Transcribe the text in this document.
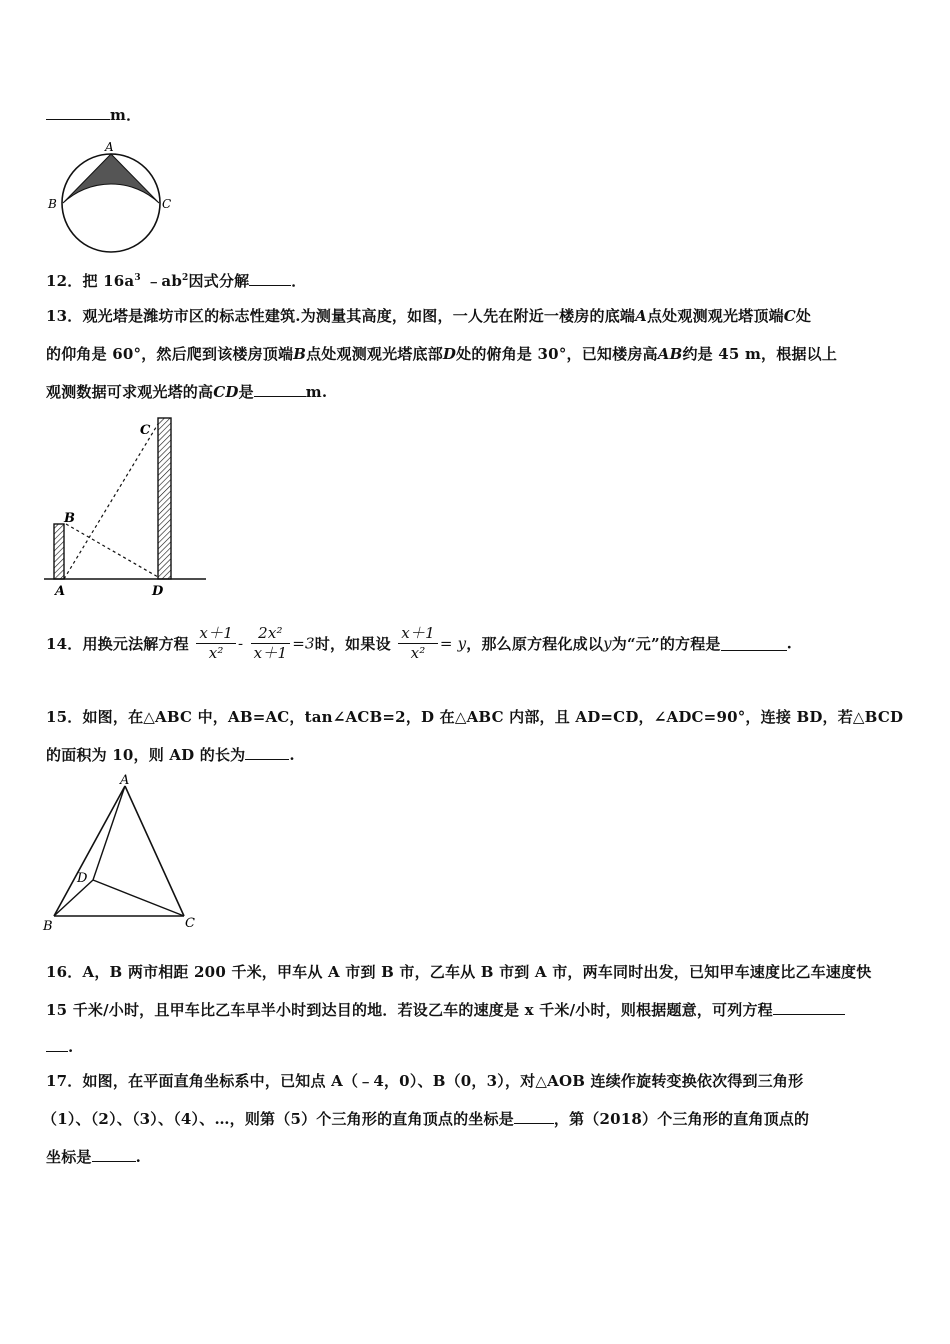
m．
A
B	C
12．把 $16a^3$ $﹣ab^2$因式分解	．
13．观光塔是潍坊市区的标志性建筑.为测量其高度，如图，一人先在附近一楼房的底端A点处观测观光塔顶端C处
的仰角是 60°，然后爬到该楼房顶端B点处观测观光塔底部D处的俯角是 30°，已知楼房高AB约是 45 m，根据以上
观测数据可求观光塔的高CD是	m.
C
B
A	D
14．用换元法解方程 $\frac{x+1}{\text{x²}} - \frac{\text{2x²}}{x+1} =3$时，如果设 $\frac{x+1}{\text{x²}} = y$，那么原方程化成以y为“元”的方程是	.
15．如图，在△ABC 中，AB=AC，tan∠ACB=2，D 在△ABC 内部，且 AD=CD，∠ADC=90°，连接 BD，若△BCD
的面积为 10，则 AD 的长为	.
A
D
B	C
16．A，B 两市相距 200 千米，甲车从 A 市到 B 市，乙车从 B 市到 A 市，两车同时出发，已知甲车速度比乙车速度快
15 千米/小时，且甲车比乙车早半小时到达目的地．若设乙车的速度是 x 千米/小时，则根据题意，可列方程
.
17．如图，在平面直角坐标系中，已知点 A（﹣4，0）、B（0，3），对△AOB 连续作旋转变换依次得到三角形
（1）、（2）、（3）、（4）、…，则第（5）个三角形的直角顶点的坐标是	，第（2018）个三角形的直角顶点的
坐标是	.
